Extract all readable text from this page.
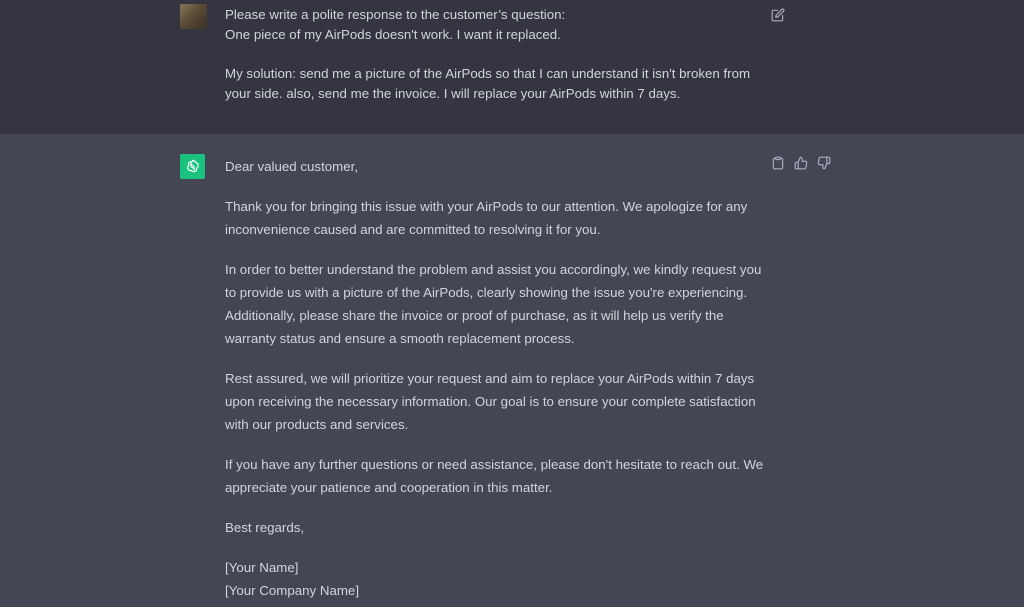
Please write a polite response to the customer’s question:
One piece of my AirPods doesn't work. I want it replaced.
My solution: send me a picture of the AirPods so that I can understand it isn't broken from
your side. also, send me the invoice. I will replace your AirPods within 7 days.

Dear valued customer,

Thank you for bringing this issue with your AirPods to our attention. We apologize for any
inconvenience caused and are committed to resolving it for you.

In order to better understand the problem and assist you accordingly, we kindly request you
to provide us with a picture of the AirPods, clearly showing the issue you're experiencing.
Additionally, please share the invoice or proof of purchase, as it will help us verify the
warranty status and ensure a smooth replacement process.

Rest assured, we will prioritize your request and aim to replace your AirPods within 7 days
upon receiving the necessary information. Our goal is to ensure your complete satisfaction
with our products and services.

If you have any further questions or need assistance, please don't hesitate to reach out. We
appreciate your patience and cooperation in this matter.

Best regards,

[Your Name]
[Your Company Name]
